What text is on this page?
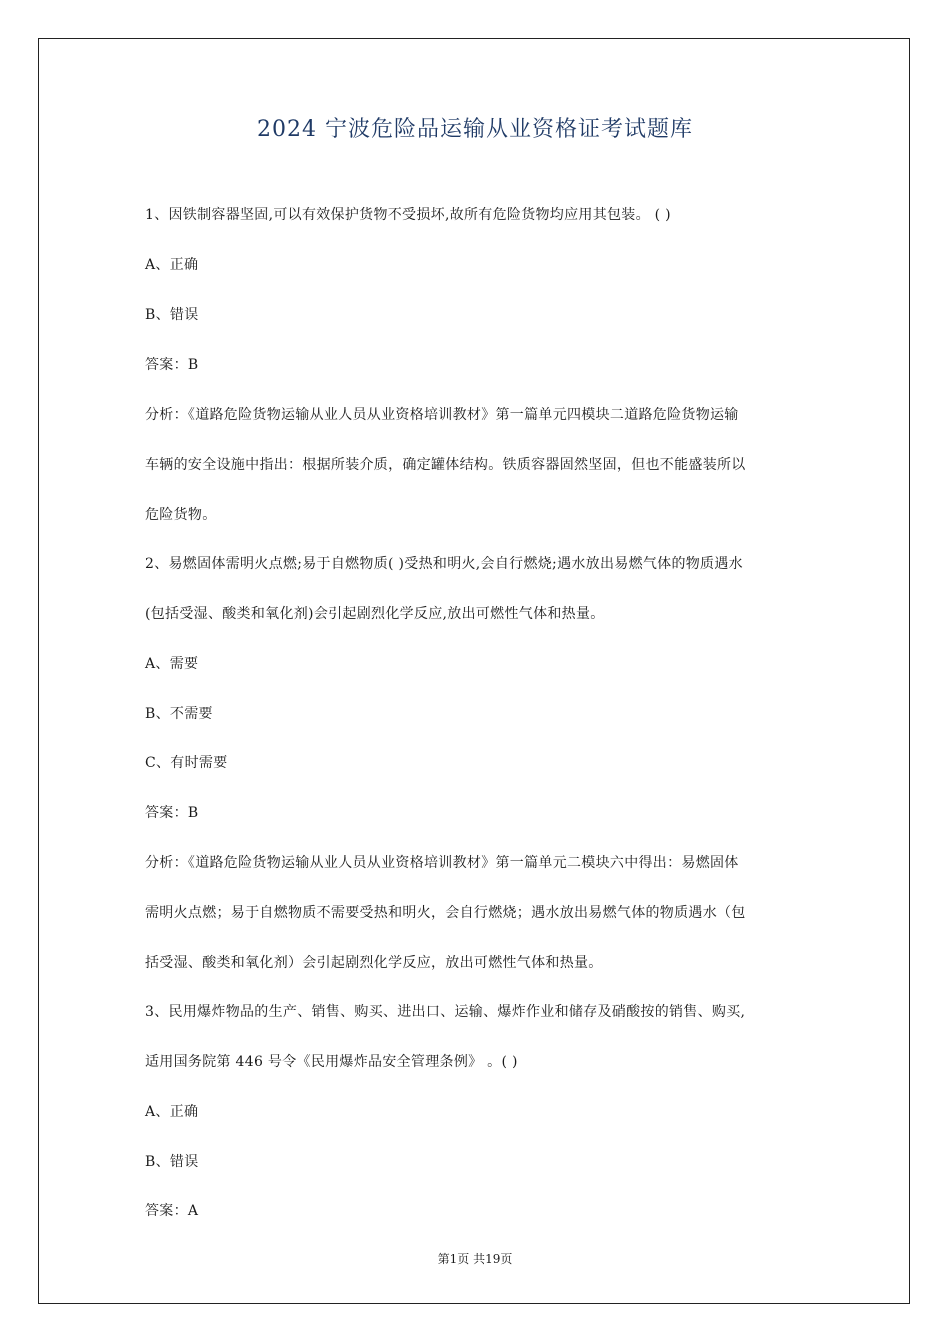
2024 宁波危险品运输从业资格证考试题库
1、因铁制容器坚固,可以有效保护货物不受损坏,故所有危险货物均应用其包装。 ( )
A、正确
B、错误
答案：B
分析：《道路危险货物运输从业人员从业资格培训教材》第一篇单元四模块二道路危险货物运输
车辆的安全设施中指出：根据所装介质，确定罐体结构。铁质容器固然坚固，但也不能盛装所以
危险货物。
2、易燃固体需明火点燃;易于自燃物质( )受热和明火,会自行燃烧;遇水放出易燃气体的物质遇水
(包括受湿、酸类和氧化剂)会引起剧烈化学反应,放出可燃性气体和热量。
A、需要
B、不需要
C、有时需要
答案：B
分析：《道路危险货物运输从业人员从业资格培训教材》第一篇单元二模块六中得出：易燃固体
需明火点燃；易于自燃物质不需要受热和明火，会自行燃烧；遇水放出易燃气体的物质遇水（包
括受湿、酸类和氧化剂）会引起剧烈化学反应，放出可燃性气体和热量。
3、民用爆炸物品的生产、销售、购买、进出口、运输、爆炸作业和储存及硝酸按的销售、购买,
适用国务院第 446 号令《民用爆炸品安全管理条例》 。( )
A、正确
B、错误
答案：A
第1页 共19页
